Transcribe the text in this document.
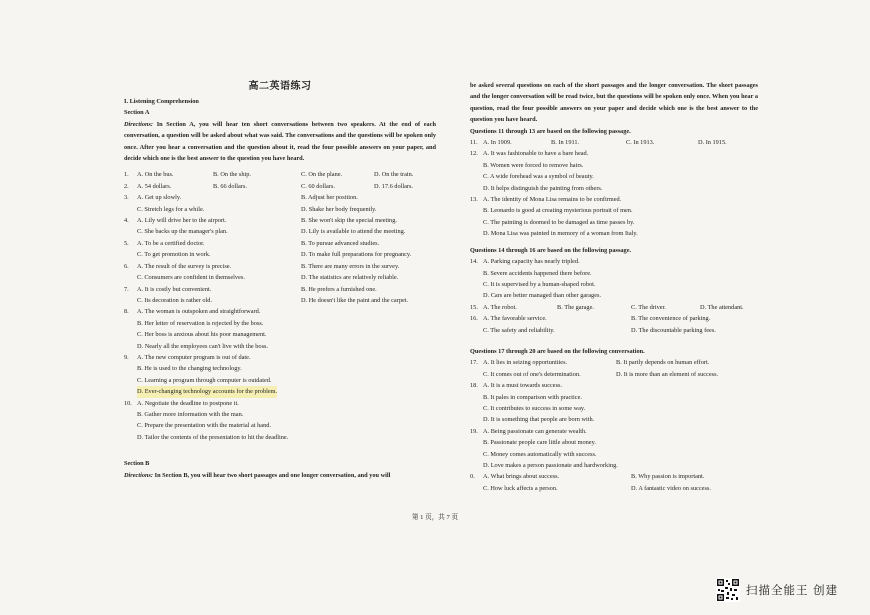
高二英语练习
I. Listening Comprehension
Section A
Directions: In Section A, you will hear ten short conversations between two speakers. At the end of each conversation, a question will be asked about what was said. The conversations and the questions will be spoken only once. After you hear a conversation and the question about it, read the four possible answers on your paper, and decide which one is the best answer to the question you have heard.
1.	A. On the bus.	B. On the ship.	C. On the plane.	D. On the train.
2.	A. 54 dollars.	B. 66 dollars.	C. 60 dollars.	D. 17.6 dollars.
3.	A. Get up slowly.	B. Adjust her position.
C. Stretch legs for a while.	D. Shake her body frequently.
4.	A. Lily will drive her to the airport.	B. She won't skip the special meeting.
C. She backs up the manager's plan.	D. Lily is available to attend the meeting.
5.	A. To be a certified doctor.	B. To pursue advanced studies.
C. To get promotion in work.	D. To make full preparations for pregnancy.
6.	A. The result of the survey is precise.	B. There are many errors in the survey.
C. Consumers are confident in themselves.	D. The statistics are relatively reliable.
7.	A. It is costly but convenient.	B. He prefers a furnished one.
C. Its decoration is rather old.	D. He doesn't like the paint and the carpet.
8.	A. The woman is outspoken and straightforward.
B. Her letter of reservation is rejected by the boss.
C. Her boss is anxious about his poor management.
D. Nearly all the employees can't live with the boss.
9.	A. The new computer program is out of date.
B. He is used to the changing technology.
C. Learning a program through computer is outdated.
D. Ever-changing technology accounts for the problem.
10. A. Negotiate the deadline to postpone it.
B. Gather more information with the man.
C. Prepare the presentation with the material at hand.
D. Tailor the contents of the presentation to hit the deadline.
Section B
Directions: In Section B, you will hear two short passages and one longer conversation, and you will
be asked several questions on each of the short passages and the longer conversation. The short passages and the longer conversation will be read twice, but the questions will be spoken only once. When you hear a question, read the four possible answers on your paper and decide which one is the best answer to the question you have heard.
Questions 11 through 13 are based on the following passage.
11. A. In 1909.	B. In 1911.	C. In 1913.	D. In 1915.
12. A. It was fashionable to have a bare head.
B. Women were forced to remove hairs.
C. A wide forehead was a symbol of beauty.
D. It helps distinguish the painting from others.
13. A. The identity of Mona Lisa remains to be confirmed.
B. Leonardo is good at creating mysterious portrait of men.
C. The painting is doomed to be damaged as time passes by.
D. Mona Lisa was painted in memory of a woman from Italy.
Questions 14 through 16 are based on the following passage.
14. A. Parking capacity has nearly tripled.
B. Severe accidents happened there before.
C. It is supervised by a human-shaped robot.
D. Cars are better managed than other garages.
15. A. The robot.	B. The garage.	C. The driver.	D. The attendant.
16. A. The favorable service.	B. The convenience of parking.
C. The safety and reliability.	D. The discountable parking fees.
Questions 17 through 20 are based on the following conversation.
17. A. It lies in seizing opportunities.	B. It partly depends on human effort.
C. It comes out of one's determination.	D. It is more than an element of success.
18. A. It is a must towards success.
B. It pales in comparison with practice.
C. It contributes to success in some way.
D. It is something that people are born with.
19. A. Being passionate can generate wealth.
B. Passionate people care little about money.
C. Money comes automatically with success.
D. Love makes a person passionate and hardworking.
0.	A. What brings about success.	B. Why passion is important.
C. How luck affects a person.	D. A fantastic video on success.
第 1 页，共 7 页
扫描全能王 创建
